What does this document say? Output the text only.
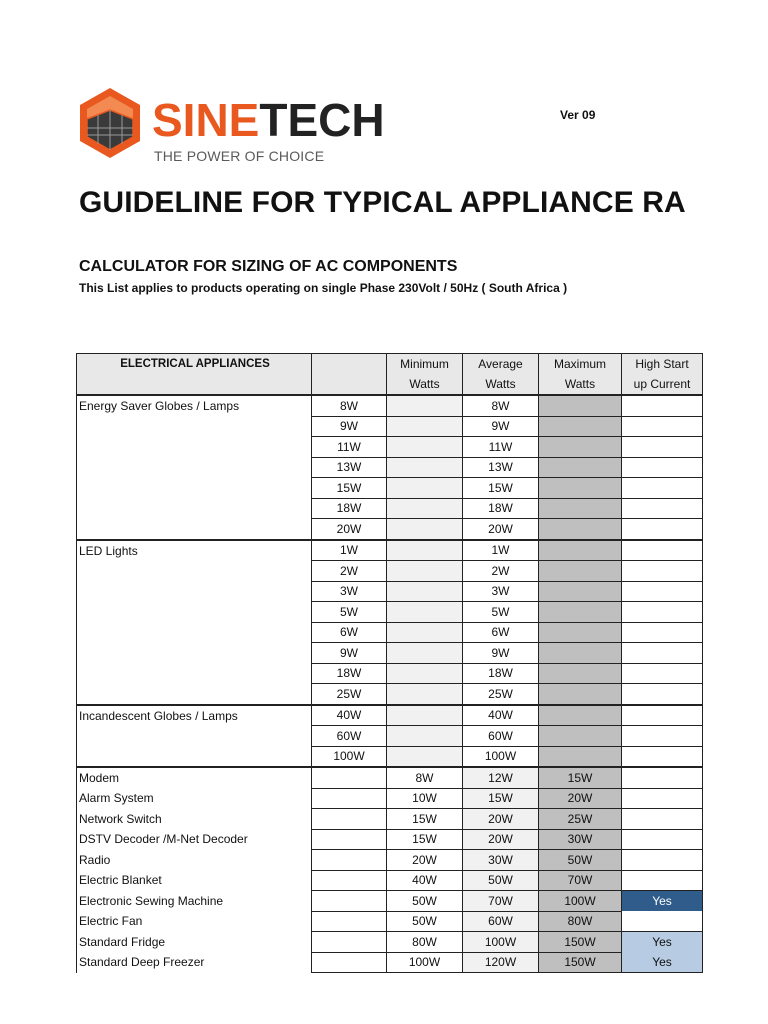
SINETECH
THE POWER OF CHOICE
Ver 09
GUIDELINE FOR TYPICAL APPLIANCE RA
CALCULATOR FOR SIZING OF AC COMPONENTS
This List applies to products operating on single Phase 230Volt / 50Hz ( South Africa )
ELECTRICAL APPLIANCES		Minimum	Average	Maximum	High Start
		Watts	Watts	Watts	up Current
Energy Saver Globes / Lamps	8W		8W		
	9W		9W		
	11W		11W		
	13W		13W		
	15W		15W		
	18W		18W		
	20W		20W		
LED Lights	1W		1W		
	2W		2W		
	3W		3W		
	5W		5W		
	6W		6W		
	9W		9W		
	18W		18W		
	25W		25W		
Incandescent Globes / Lamps	40W		40W		
	60W		60W		
	100W		100W		
Modem		8W	12W	15W	
Alarm System		10W	15W	20W	
Network Switch		15W	20W	25W	
DSTV Decoder /M-Net Decoder		15W	20W	30W	
Radio		20W	30W	50W	
Electric Blanket		40W	50W	70W	
Electronic Sewing Machine		50W	70W	100W	Yes
Electric Fan		50W	60W	80W	
Standard Fridge		80W	100W	150W	Yes
Standard Deep Freezer		100W	120W	150W	Yes
